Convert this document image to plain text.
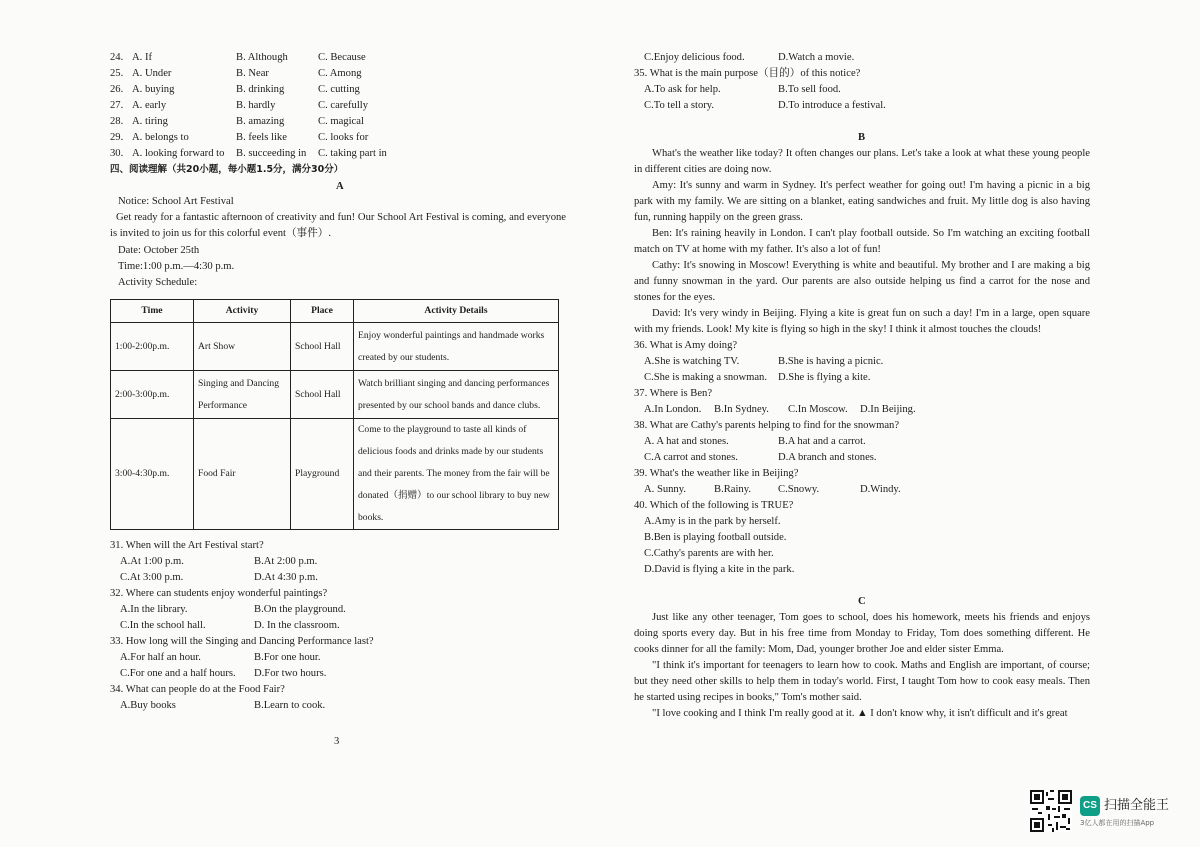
24. A. If	B. Although	C. Because
25. A. Under	B. Near	C. Among
26. A. buying	B. drinking	C. cutting
27. A. early	B. hardly	C. carefully
28. A. tiring	B. amazing	C. magical
29. A. belongs to	B. feels like	C. looks for
30. A. looking forward to B. succeeding in C. taking part in
四、阅读理解（共20小题，每小题1.5分，满分30分）
A
Notice: School Art Festival
Get ready for a fantastic afternoon of creativity and fun! Our School Art Festival is coming, and everyone is invited to join us for this colorful event（事件）.
Date: October 25th
Time:1:00 p.m.—4:30 p.m.
Activity Schedule:
Time	Activity	Place	Activity Details
1:00-2:00p.m.	Art Show	School Hall	Enjoy wonderful paintings and handmade works created by our students.
2:00-3:00p.m.	Singing and Dancing Performance	School Hall	Watch brilliant singing and dancing performances presented by our school bands and dance clubs.
3:00-4:30p.m.	Food Fair	Playground	Come to the playground to taste all kinds of delicious foods and drinks made by our students and their parents. The money from the fair will be donated（捐赠）to our school library to buy new books.
31. When will the Art Festival start?
A.At 1:00 p.m.	B.At 2:00 p.m.
C.At 3:00 p.m.	D.At 4:30 p.m.
32. Where can students enjoy wonderful paintings?
A.In the library.	B.On the playground.
C.In the school hall.	D. In the classroom.
33. How long will the Singing and Dancing Performance last?
A.For half an hour.	B.For one hour.
C.For one and a half hours. D.For two hours.
34. What can people do at the Food Fair?
A.Buy books	B.Learn to cook.
3
C.Enjoy delicious food.	D.Watch a movie.
35. What is the main purpose（目的）of this notice?
A.To ask for help.	B.To sell food.
C.To tell a story.	D.To introduce a festival.
B
What's the weather like today? It often changes our plans. Let's take a look at what these young people in different cities are doing now.
Amy: It's sunny and warm in Sydney. It's perfect weather for going out! I'm having a picnic in a big park with my family. We are sitting on a blanket, eating sandwiches and fruit. My little dog is also having fun, running happily on the green grass.
Ben: It's raining heavily in London. I can't play football outside. So I'm watching an exciting football match on TV at home with my father. It's also a lot of fun!
Cathy: It's snowing in Moscow! Everything is white and beautiful. My brother and I are making a big and funny snowman in the yard. Our parents are also outside helping us find a carrot for the nose and stones for the eyes.
David: It's very windy in Beijing. Flying a kite is great fun on such a day! I'm in a large, open square with my friends. Look! My kite is flying so high in the sky! I think it almost touches the clouds!
36. What is Amy doing?
A.She is watching TV.	B.She is having a picnic.
C.She is making a snowman. D.She is flying a kite.
37. Where is Ben?
A.In London. B.In Sydney. C.In Moscow. D.In Beijing.
38. What are Cathy's parents helping to find for the snowman?
A. A hat and stones.	B.A hat and a carrot.
C.A carrot and stones.	D.A branch and stones.
39. What's the weather like in Beijing?
A. Sunny.	B.Rainy.	C.Snowy.	D.Windy.
40. Which of the following is TRUE?
A.Amy is in the park by herself.
B.Ben is playing football outside.
C.Cathy's parents are with her.
D.David is flying a kite in the park.
C
Just like any other teenager, Tom goes to school, does his homework, meets his friends and enjoys doing sports every day. But in his free time from Monday to Friday, Tom does something different. He cooks dinner for all the family: Mom, Dad, younger brother Joe and elder sister Emma.
"I think it's important for teenagers to learn how to cook. Maths and English are important, of course; but they need other skills to help them in today's world. First, I taught Tom how to cook easy meals. Then he started using recipes in books," Tom's mother said.
"I love cooking and I think I'm really good at it. ▲ I don't know why, it isn't difficult and it's great
CS 扫描全能王
3亿人都在用的扫描App
